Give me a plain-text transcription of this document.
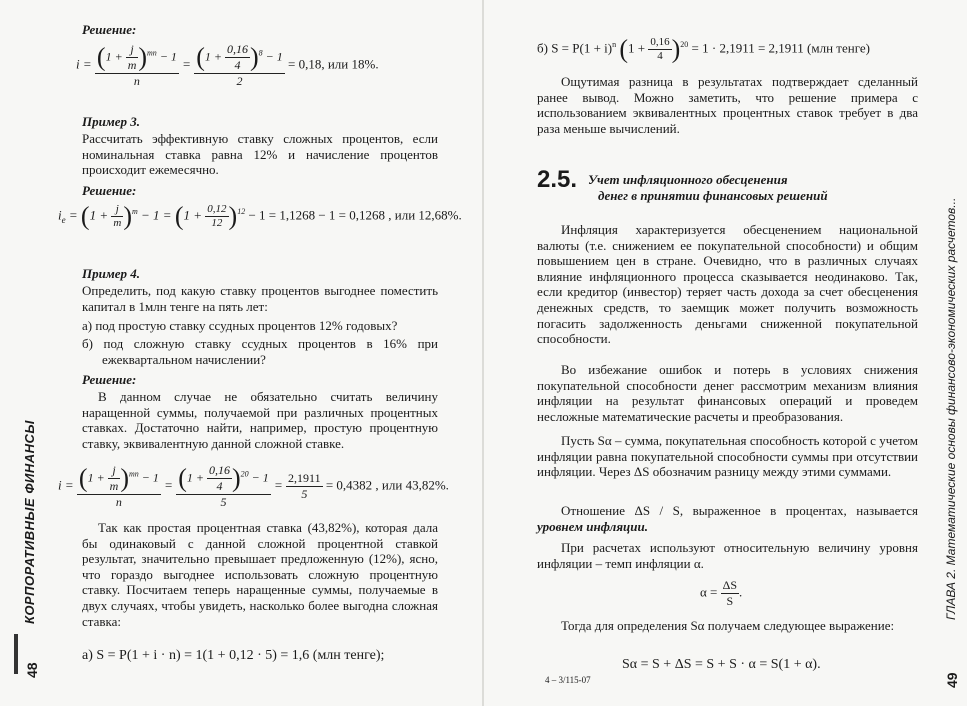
Решение:
$i = \frac{(1 + \frac{j}{m} )^{mn} - 1}{n} = \frac{(1 + \frac{0,16}{4} )^8 - 1}{2} = 0,18$, или 18%.
Пример 3.
Рассчитать эффективную ставку сложных процентов, если номинальная ставка равна 12% и начисление процентов происходит ежемесячно.
Решение:
$i_e = (1 + \frac{j}{m} )^m - 1 = (1 + \frac{0,12}{12} )^{12} - 1 = 1,1268 - 1 = 0,1268$ , или 12,68%.
Пример 4.
Определить, под какую ставку процентов выгоднее поместить капитал в 1млн тенге на пять лет:
а) под простую ставку ссудных процентов 12% годовых?
б) под сложную ставку ссудных процентов в 16% при ежеквартальном начислении?
Решение:
В данном случае не обязательно считать величину наращенной суммы, получаемой при различных процентных ставках. Достаточно найти, например, простую процентную ставку, эквивалентную данной сложной ставке.
$i = \frac{(1 + \frac{j}{m} )^{mn} - 1}{n} = \frac{(1 + \frac{0,16}{4} )^{20} - 1}{5} = \frac{2,1911}{5} = 0,4382$ , или 43,82%.
Так как простая процентная ставка (43,82%), которая дала бы одинаковый с данной сложной процентной ставкой результат, значительно превышает предложенную (12%), ясно, что гораздо выгоднее использовать сложную процентную ставку. Посчитаем теперь наращенные суммы, получаемые в двух случаях, чтобы увидеть, насколько более выгодна сложная ставка:
а) S = P(1 + i · n) = 1(1 + 0,12 · 5) = 1,6 (млн тенге);
КОРПОРАТИВНЫЕ ФИНАНСЫ
48
б) $S = P(1 + i)^n$ $(1 + \frac{0,16}{4} )^{20} = 1 \cdot 2,1911 = 2,1911$ (млн тенге)
Ощутимая разница в результатах подтверждает сделанный ранее вывод. Можно заметить, что решение примера с использованием эквивалентных процентных ставок требует в два раза меньше вычислений.
2.5. Учет инфляционного обесценения
денег в принятии финансовых решений
Инфляция характеризуется обесценением национальной валюты (т.е. снижением ее покупательной способности) и общим повышением цен в стране. Очевидно, что в различных случаях влияние инфляционного процесса сказывается неодинаково. Так, если кредитор (инвестор) теряет часть дохода за счет обесценения денежных средств, то заемщик может получить возможность погасить задолженность деньгами сниженной покупательной способности.
Во избежание ошибок и потерь в условиях снижения покупательной способности денег рассмотрим механизм влияния инфляции на результат финансовых операций и проведем несложные математические расчеты и преобразования.
Пусть Sα – сумма, покупательная способность которой с учетом инфляции равна покупательной способности суммы при отсутствии инфляции. Через ΔS обозначим разницу между этими суммами.
Отношение ΔS / S, выраженное в процентах, называется уровнем инфляции.
При расчетах используют относительную величину уровня инфляции – темп инфляции α.
$\alpha = \frac{\Delta S}{S}$ .
Тогда для определения Sα получаем следующее выражение:
Sα = S + ΔS = S + S · α = S(1 + α).
4 – 3/115-07
ГЛАВА 2. Математические основы финансово-экономических расчетов...
49
